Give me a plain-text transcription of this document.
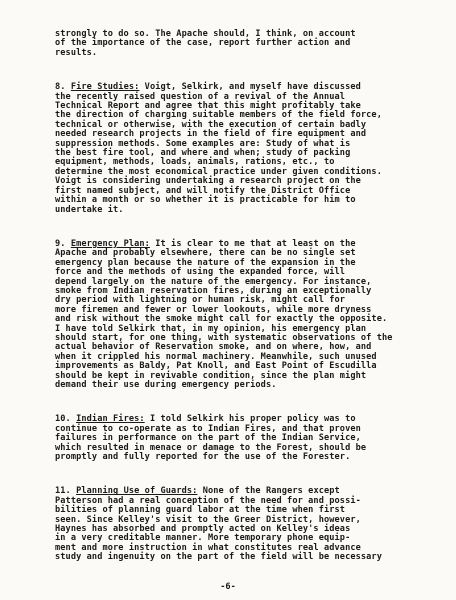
strongly to do so. The Apache should, I think, on account
of the importance of the case, report further action and
results.
8. Fire Studies: Voigt, Selkirk, and myself have discussed
the recently raised question of a revival of the Annual
Technical Report and agree that this might profitably take
the direction of charging suitable members of the field force,
technical or otherwise, with the execution of certain badly
needed research projects in the field of fire equipment and
suppression methods. Some examples are: Study of what is
the best fire tool, and where and when; study of packing
equipment, methods, loads, animals, rations, etc., to
determine the most economical practice under given conditions.
Voigt is considering undertaking a research project on the
first named subject, and will notify the District Office
within a month or so whether it is practicable for him to
undertake it.
9. Emergency Plan: It is clear to me that at least on the
Apache and probably elsewhere, there can be no single set
emergency plan because the nature of the expansion in the
force and the methods of using the expanded force, will
depend largely on the nature of the emergency. For instance,
smoke from Indian reservation fires, during an exceptionally
dry period with lightning or human risk, might call for
more firemen and fewer or lower lookouts, while more dryness
and risk without the smoke might call for exactly the opposite.
I have told Selkirk that, in my opinion, his emergency plan
should start, for one thing, with systematic observations of the
actual behavior of Reservation smoke, and on where, how, and
when it crippled his normal machinery. Meanwhile, such unused
improvements as Baldy, Pat Knoll, and East Point of Escudilla
should be kept in revivable condition, since the plan might
demand their use during emergency periods.
10. Indian Fires: I told Selkirk his proper policy was to
continue to co-operate as to Indian Fires, and that proven
failures in performance on the part of the Indian Service,
which resulted in menace or damage to the Forest, should be
promptly and fully reported for the use of the Forester.
11. Planning Use of Guards: None of the Rangers except
Patterson had a real conception of the need for and possi-
bilities of planning guard labor at the time when first
seen. Since Kelley's visit to the Greer District, however,
Haynes has absorbed and promptly acted on Kelley's ideas
in a very creditable manner. More temporary phone equip-
ment and more instruction in what constitutes real advance
study and ingenuity on the part of the field will be necessary
-6-
